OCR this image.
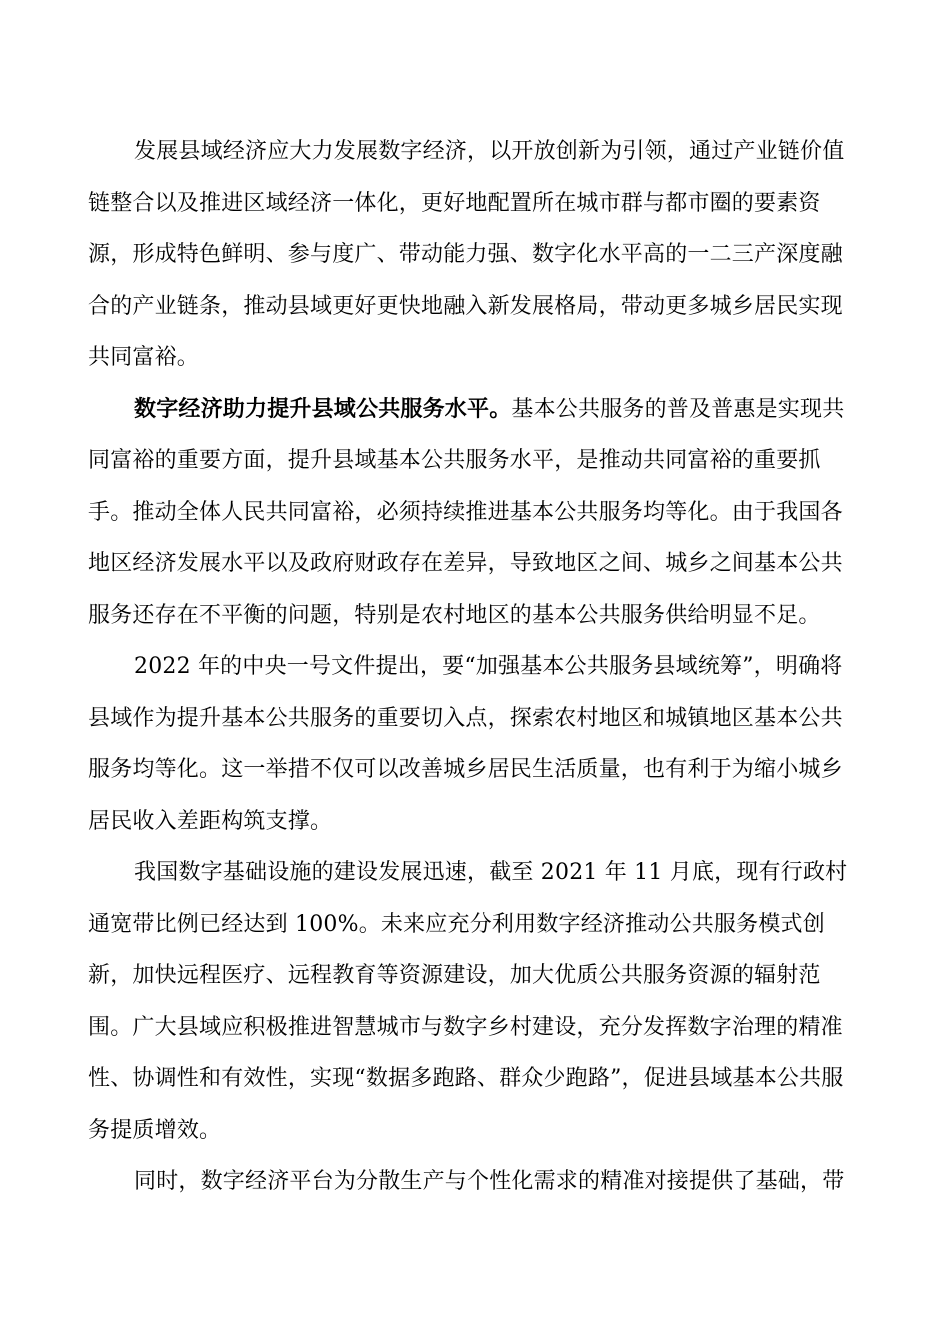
发展县域经济应大力发展数字经济，以开放创新为引领，通过产业链价值链整合以及推进区域经济一体化，更好地配置所在城市群与都市圈的要素资源，形成特色鲜明、参与度广、带动能力强、数字化水平高的一二三产深度融合的产业链条，推动县域更好更快地融入新发展格局，带动更多城乡居民实现共同富裕。

数字经济助力提升县域公共服务水平。基本公共服务的普及普惠是实现共同富裕的重要方面，提升县域基本公共服务水平，是推动共同富裕的重要抓手。推动全体人民共同富裕，必须持续推进基本公共服务均等化。由于我国各地区经济发展水平以及政府财政存在差异，导致地区之间、城乡之间基本公共服务还存在不平衡的问题，特别是农村地区的基本公共服务供给明显不足。

2022 年的中央一号文件提出，要“加强基本公共服务县域统筹”，明确将县域作为提升基本公共服务的重要切入点，探索农村地区和城镇地区基本公共服务均等化。这一举措不仅可以改善城乡居民生活质量，也有利于为缩小城乡居民收入差距构筑支撑。

我国数字基础设施的建设发展迅速，截至 2021 年 11 月底，现有行政村通宽带比例已经达到 100%。未来应充分利用数字经济推动公共服务模式创新，加快远程医疗、远程教育等资源建设，加大优质公共服务资源的辐射范围。广大县域应积极推进智慧城市与数字乡村建设，充分发挥数字治理的精准性、协调性和有效性，实现“数据多跑路、群众少跑路”，促进县域基本公共服务提质增效。

同时，数字经济平台为分散生产与个性化需求的精准对接提供了基础，带
